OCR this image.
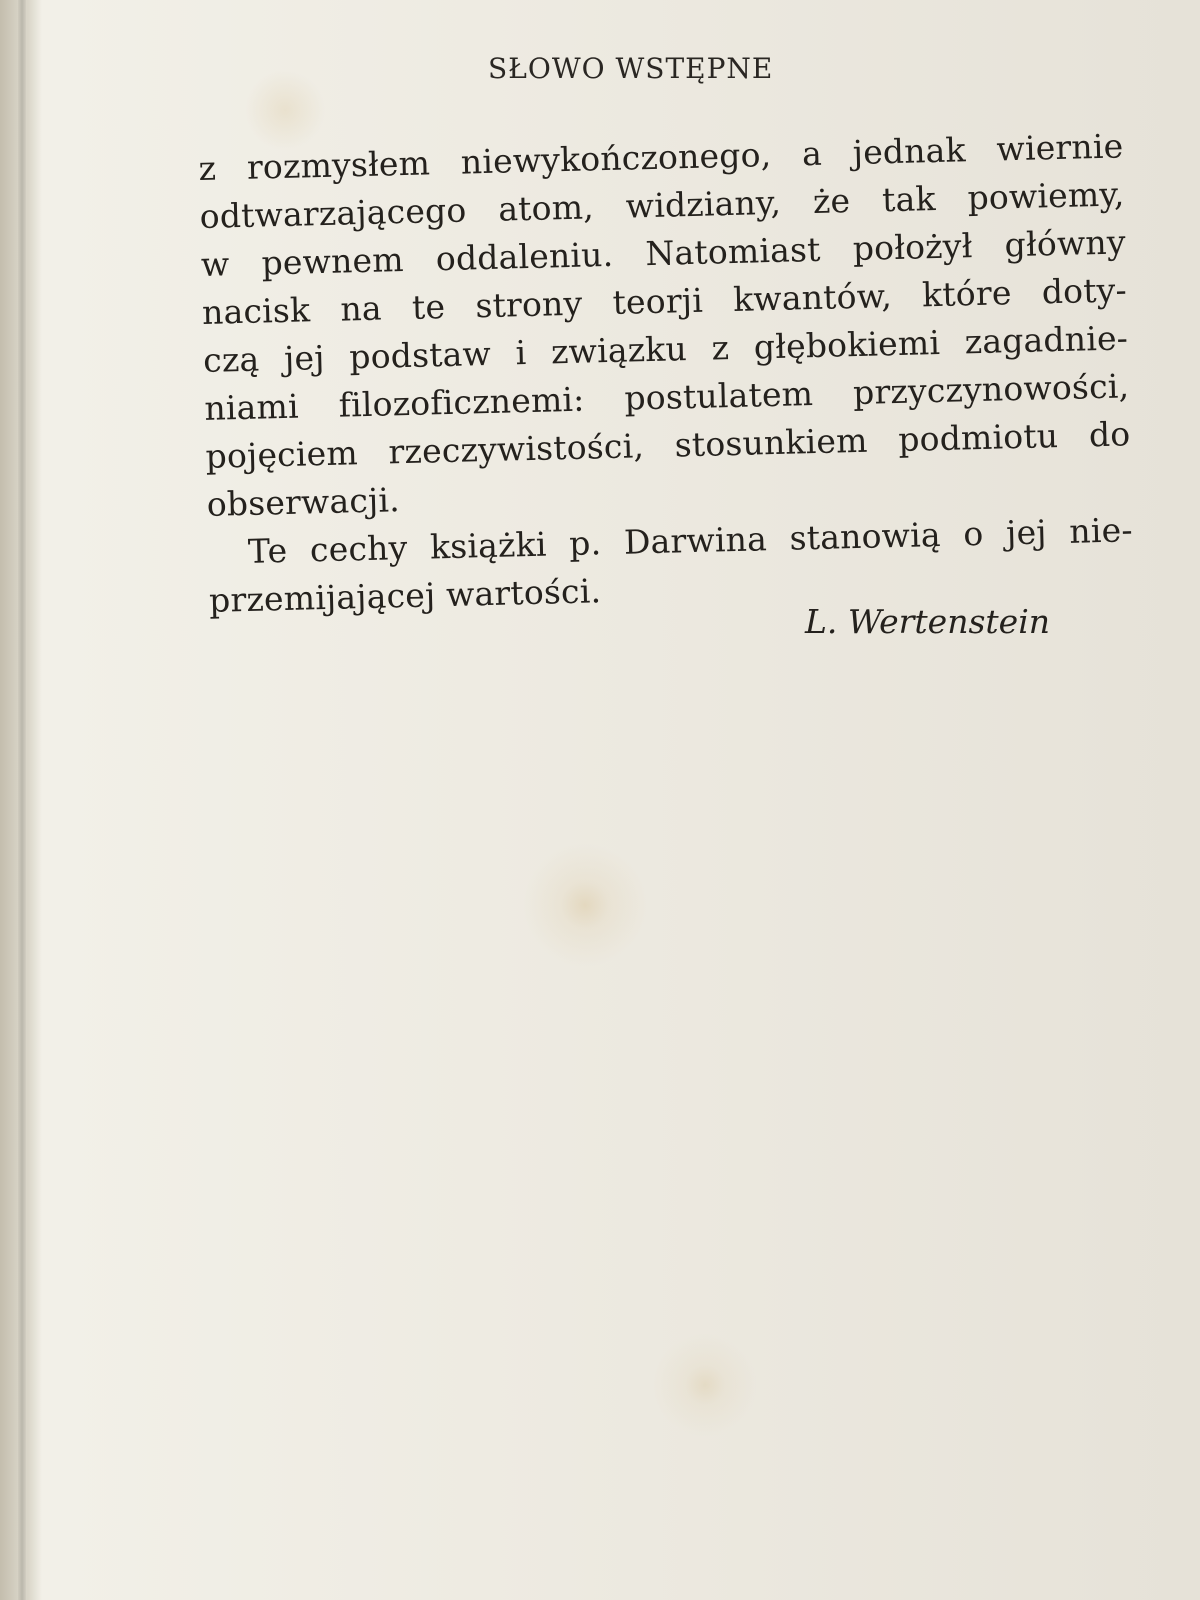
SŁOWO WSTĘPNE
z rozmysłem niewykończonego, a jednak wiernie
odtwarzającego atom, widziany, że tak powiemy,
w pewnem oddaleniu. Natomiast położył główny
nacisk na te strony teorji kwantów, które doty-
czą jej podstaw i związku z głębokiemi zagadnie-
niami filozoficznemi: postulatem przyczynowości,
pojęciem rzeczywistości, stosunkiem podmiotu do
obserwacji.
Te cechy książki p. Darwina stanowią o jej nie-
przemijającej wartości.
L. Wertenstein
